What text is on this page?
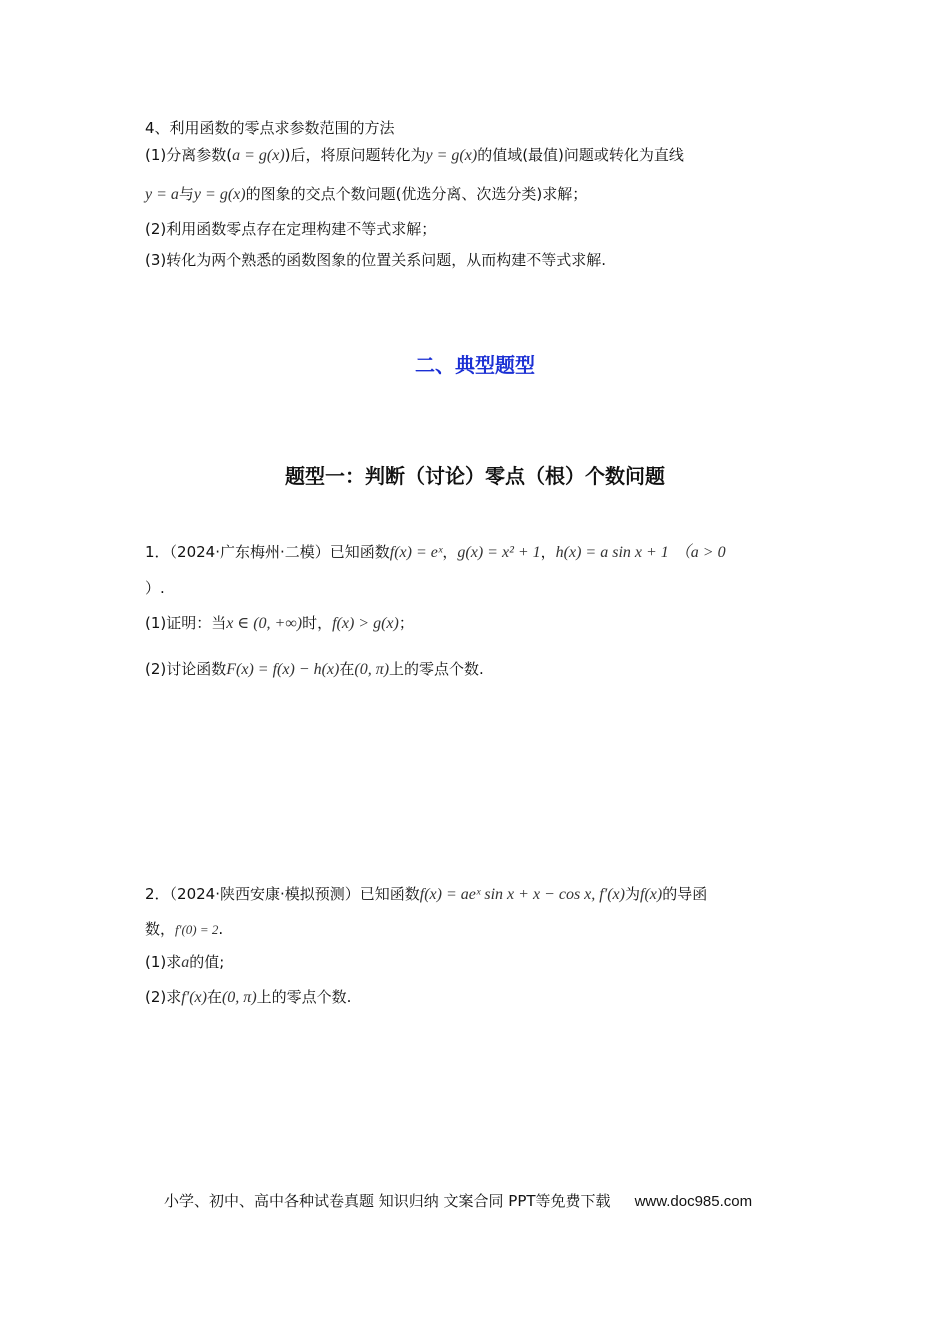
4、利用函数的零点求参数范围的方法
(1)分离参数(a = g(x))后，将原问题转化为y = g(x)的值域(最值)问题或转化为直线
y = a与y = g(x)的图象的交点个数问题(优选分离、次选分类)求解；
(2)利用函数零点存在定理构建不等式求解；
(3)转化为两个熟悉的函数图象的位置关系问题，从而构建不等式求解.
二、典型题型
题型一：判断（讨论）零点（根）个数问题
1．（2024·广东梅州·二模）已知函数f(x) = eˣ，g(x) = x² + 1，h(x) = a sin x + 1 （a > 0
）.
(1)证明：当x ∈ (0, +∞)时，f(x) > g(x)；
(2)讨论函数F(x) = f(x) − h(x)在(0, π)上的零点个数.
2．（2024·陕西安康·模拟预测）已知函数f(x) = aeˣ sin x + x − cos x, f′(x)为f(x)的导函
数，f′(0) = 2.
(1)求a的值;
(2)求f′(x)在(0, π)上的零点个数.
小学、初中、高中各种试卷真题 知识归纳 文案合同 PPT等免费下载 www.doc985.com
